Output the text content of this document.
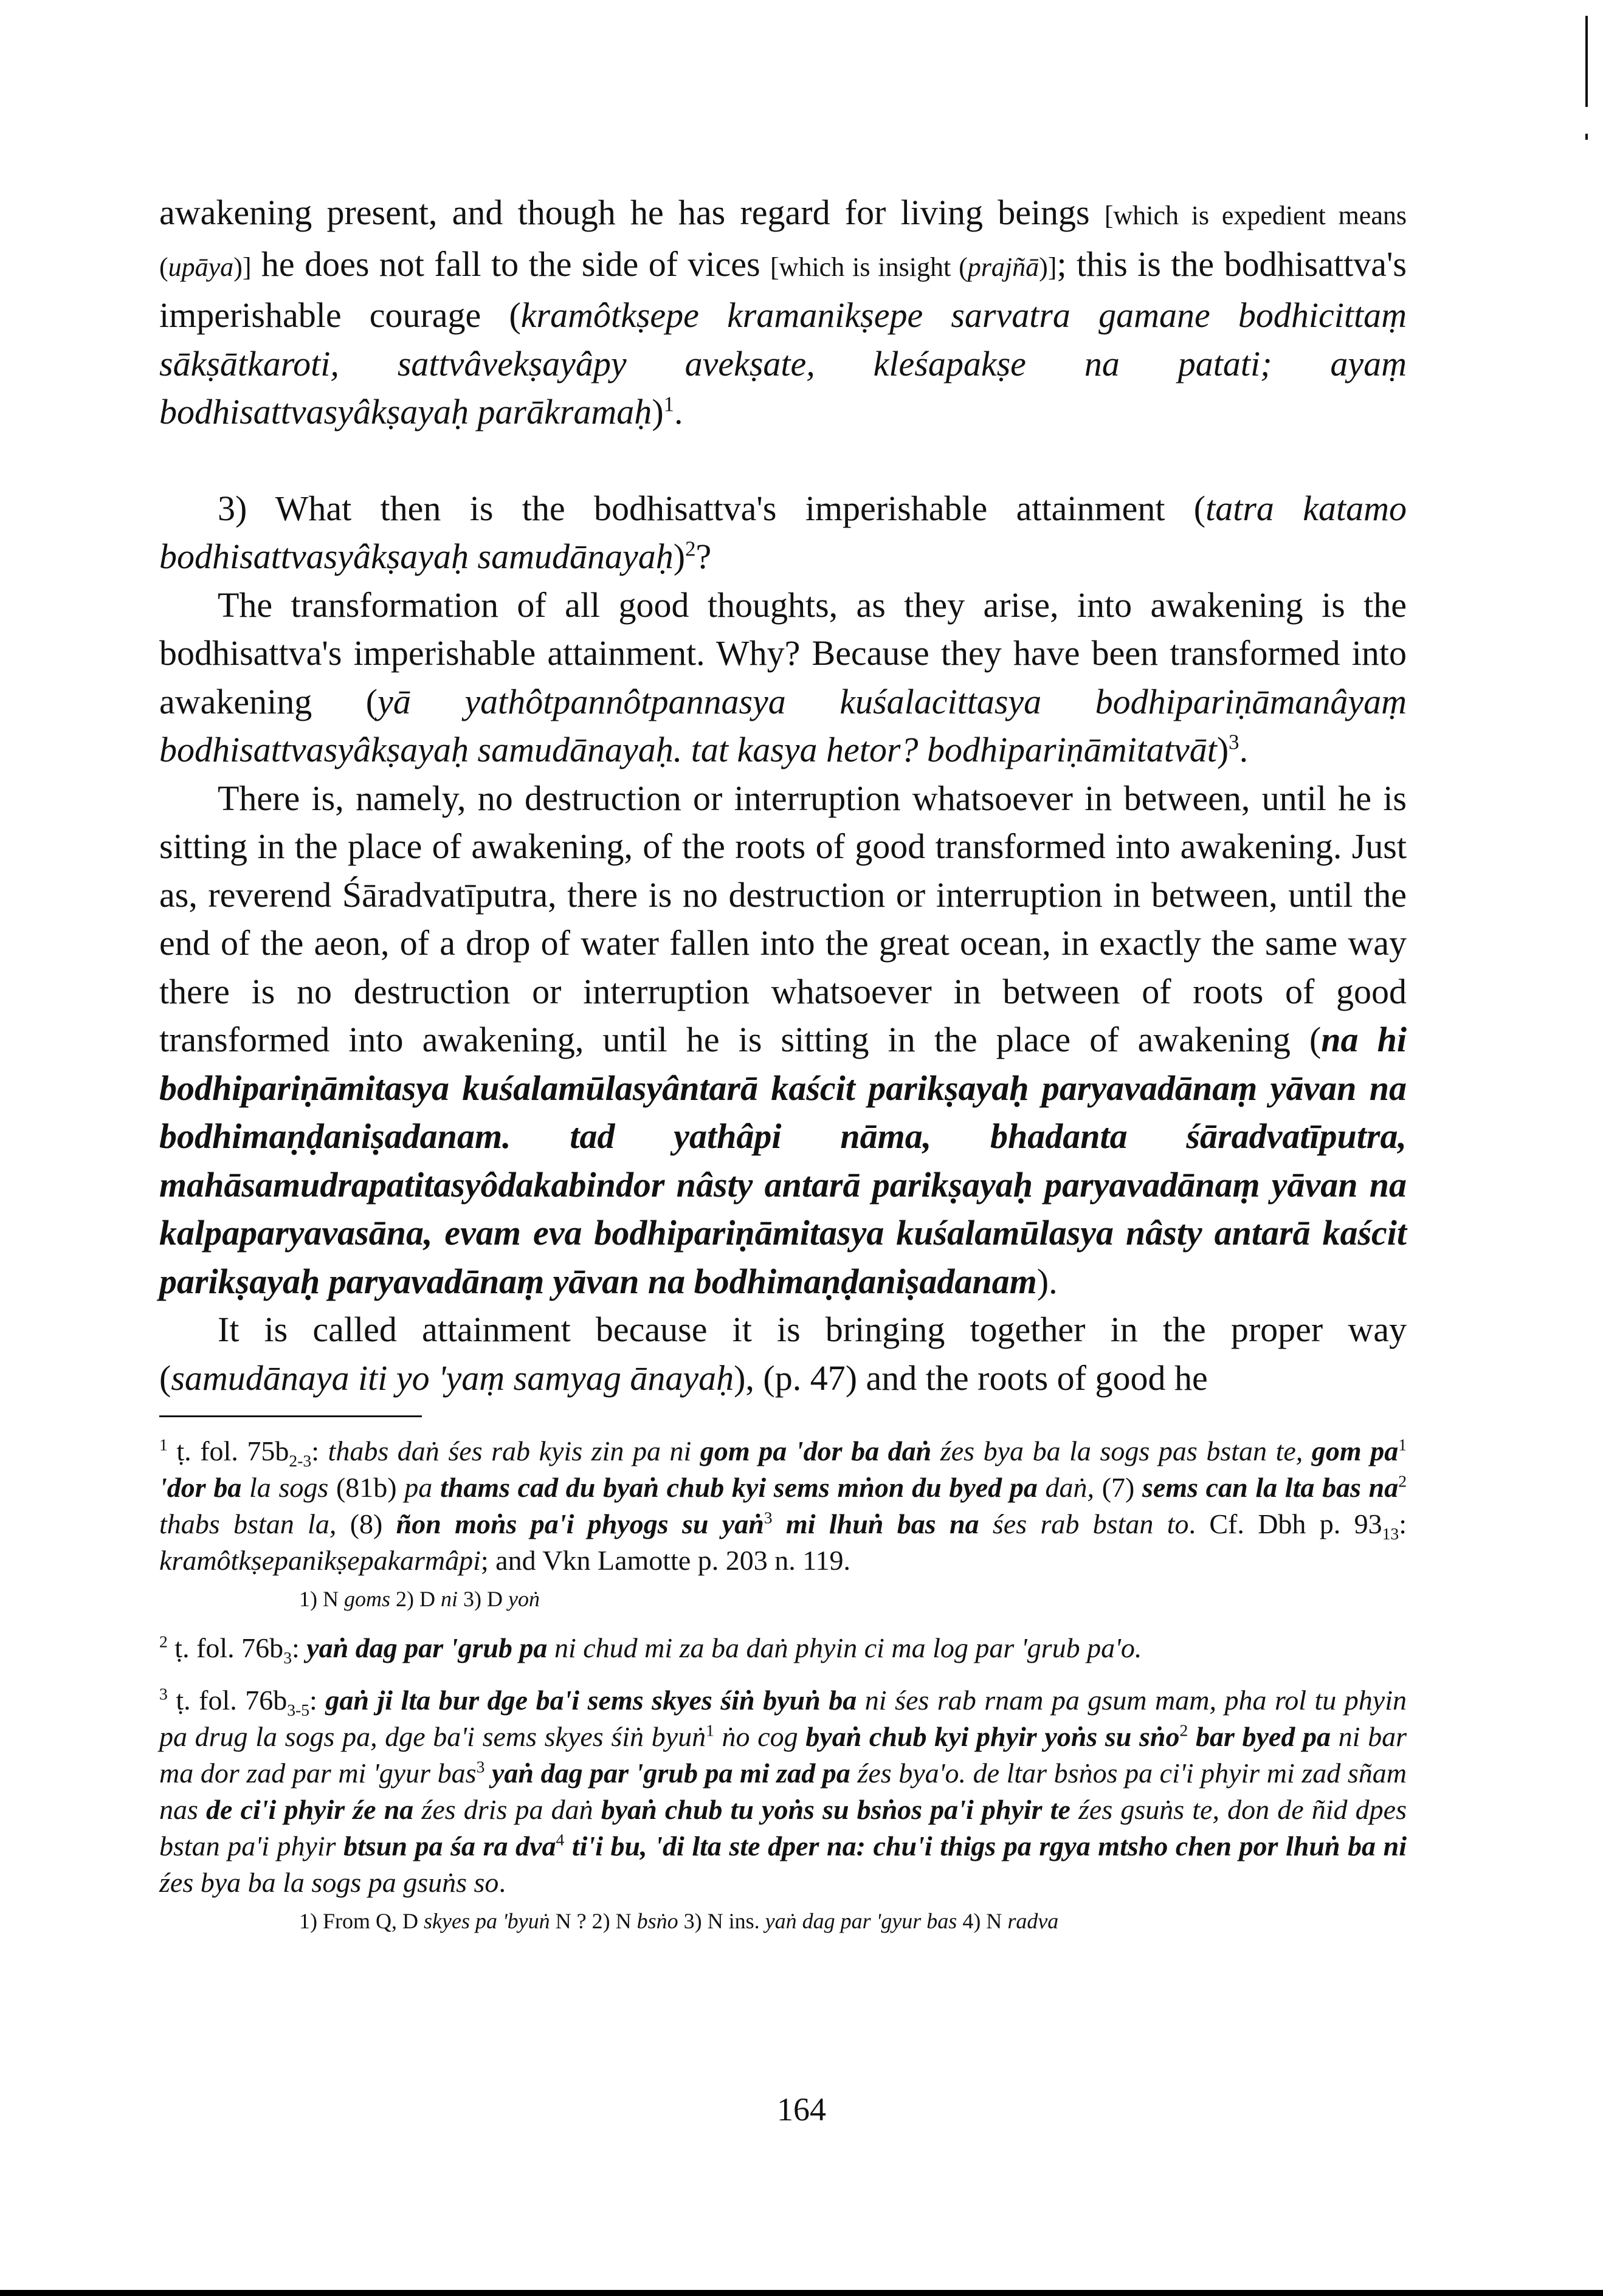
awakening present, and though he has regard for living beings [which is expedient means (upāya)] he does not fall to the side of vices [which is insight (prajñā)]; this is the bodhisattva's imperishable courage (kramôtkṣepe kramanikṣepe sarvatra gamane bodhicittaṃ sākṣātkaroti, sattvâvekṣayâpy avekṣate, kleśapakṣe na patati; ayaṃ bodhisattvasyâkṣayaḥ parākramaḥ)$^1$.

3) What then is the bodhisattva's imperishable attainment (tatra katamo bodhisattvasyâkṣayaḥ samudānayaḥ)$^2$?

The transformation of all good thoughts, as they arise, into awakening is the bodhisattva's imperishable attainment. Why? Because they have been transformed into awakening (yā yathôtpannôtpannasya kuśalacittasya bodhipariṇāmanâyaṃ bodhisattvasyâkṣayaḥ samudānayaḥ. tat kasya hetor? bodhipariṇāmitatvāt)$^3$.

There is, namely, no destruction or interruption whatsoever in between, until he is sitting in the place of awakening, of the roots of good transformed into awakening. Just as, reverend Śāradvatīputra, there is no destruction or interruption in between, until the end of the aeon, of a drop of water fallen into the great ocean, in exactly the same way there is no destruction or interruption whatsoever in between of roots of good transformed into awakening, until he is sitting in the place of awakening (na hi bodhipariṇāmitasya kuśalamūlasyântarā kaścit parikṣayaḥ paryavadānaṃ yāvan na bodhimaṇḍaniṣadanam. tad yathâpi nāma, bhadanta śāradvatīputra, mahāsamudrapatitasyôdakabindor nâsty antarā parikṣayaḥ paryavadānaṃ yāvan na kalpaparyavasāna, evam eva bodhipariṇāmitasya kuśalamūlasya nâsty antarā kaścit parikṣayaḥ paryavadānaṃ yāvan na bodhimaṇḍaniṣadanam).

It is called attainment because it is bringing together in the proper way (samudānaya iti yo 'yaṃ samyag ānayaḥ), (p. 47) and the roots of good he

$^1$ ṭ. fol. $75b_{2-3}$: thabs daṅ śes rab kyis zin pa ni gom pa 'dor ba daṅ źes bya ba la sogs pas bstan te, gom $pa^1$ 'dor ba la sogs (81b) pa thams cad du byaṅ chub kyi sems mṅon du byed pa daṅ, (7) sems can la lta bas $na^2$ thabs bstan la, (8) ñon moṅs pa'i phyogs su yaṅ$^3$ mi lhuṅ bas na śes rab bstan to. Cf. Dbh p. $93_{13}$: kramôtkṣepanikṣepakarmâpi; and Vkn Lamotte p. 203 n. 119.

1) N goms 2) D ni 3) D yoṅ

$^2$ ṭ. fol. $76b_3$: yaṅ dag par 'grub pa ni chud mi za ba daṅ phyin ci ma log par 'grub pa'o.

$^3$ ṭ. fol. $76b_{3-5}$: gaṅ ji lta bur dge ba'i sems skyes śiṅ byuṅ ba ni śes rab rnam pa gsum mam, pha rol tu phyin pa drug la sogs pa, dge ba'i sems skyes śiṅ byuṅ$^1$ ṅo cog byaṅ chub kyi phyir yoṅs su sṅo$^2$ bar byed pa ni bar ma dor zad par mi 'gyur bas$^3$ yaṅ dag par 'grub pa mi zad pa źes bya'o. de ltar bsṅos pa ci'i phyir mi zad sñam nas de ci'i phyir źe na źes dris pa daṅ byaṅ chub tu yoṅs su bsṅos pa'i phyir te źes gsuṅs te, don de ñid dpes bstan pa'i phyir btsun pa śa ra dva$^4$ ti'i bu, 'di lta ste dper na: chu'i thigs pa rgya mtsho chen por lhuṅ ba ni źes bya ba la sogs pa gsuṅs so.

1) From Q, D skyes pa 'byuṅ N ? 2) N bsṅo 3) N ins. yaṅ dag par 'gyur bas 4) N radva
164
